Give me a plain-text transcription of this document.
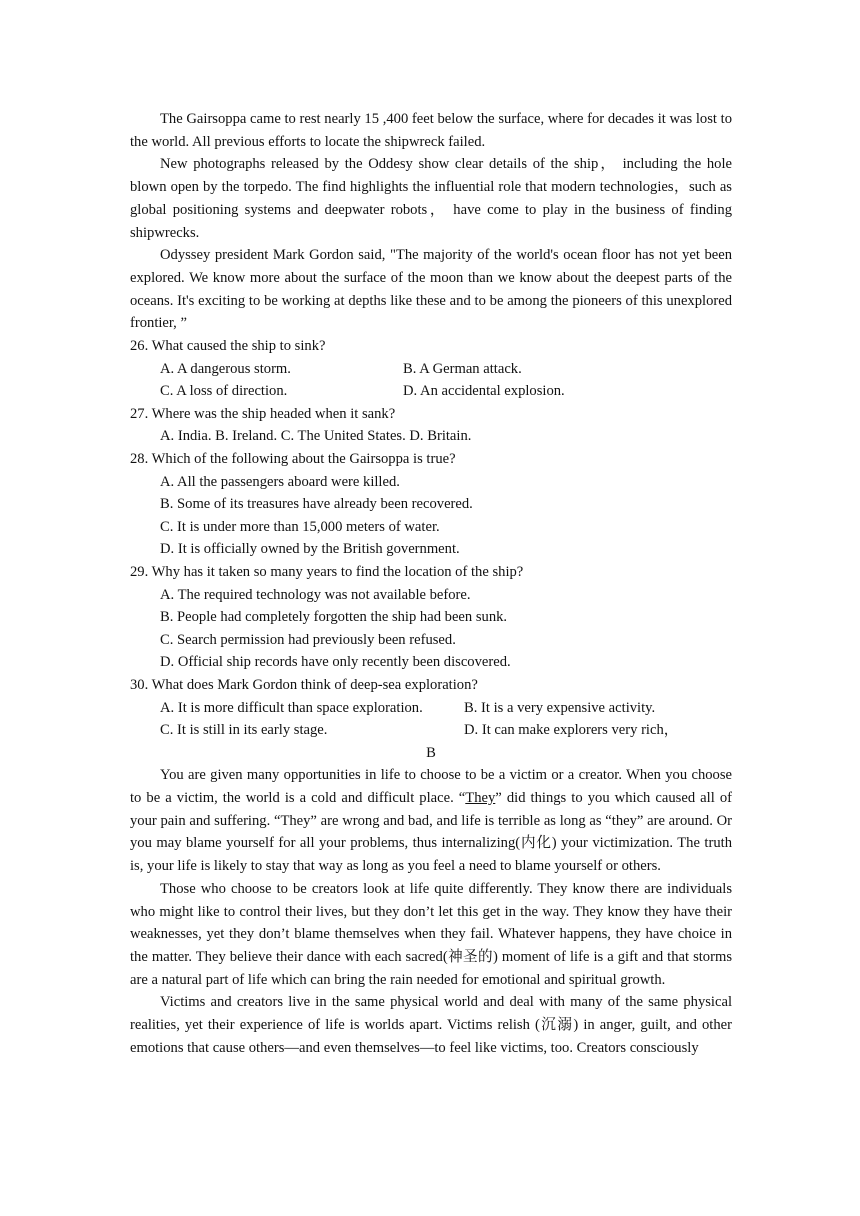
The Gairsoppa came to rest nearly 15 ,400 feet below the surface, where for decades it was lost to the world. All previous efforts to locate the shipwreck failed.

New photographs released by the Oddesy show clear details of the ship， including the hole blown open by the torpedo. The find highlights the influential role that modern technologies，such as global positioning systems and deepwater robots， have come to play in the business of finding shipwrecks.

Odyssey president Mark Gordon said, "The majority of the world's ocean floor has not yet been explored. We know more about the surface of the moon than we know about the deepest parts of the oceans. It's exciting to be working at depths like these and to be among the pioneers of this unexplored frontier, ”

26. What caused the ship to sink?

A. A dangerous storm.	B. A German attack.
C. A loss of direction.	D. An accidental explosion.

27. Where was the ship headed when it sank?

A. India. B. Ireland. C. The United States. D. Britain.

28. Which of the following about the Gairsoppa is true?

A. All the passengers aboard were killed.

B. Some of its treasures have already been recovered.

C. It is under more than 15,000 meters of water.

D. It is officially owned by the British government.

29. Why has it taken so many years to find the location of the ship?

A. The required technology was not available before.

B. People had completely forgotten the ship had been sunk.

C. Search permission had previously been refused.

D. Official ship records have only recently been discovered.

30. What does Mark Gordon think of deep-sea exploration?

A. It is more difficult than space exploration.	B. It is a very expensive activity.
C. It is still in its early stage.	D. It can make explorers very rich，

B

You are given many opportunities in life to choose to be a victim or a creator. When you choose to be a victim, the world is a cold and difficult place. “They” did things to you which caused all of your pain and suffering. “They” are wrong and bad, and life is terrible as long as “they” are around. Or you may blame yourself for all your problems, thus internalizing(内化) your victimization. The truth is, your life is likely to stay that way as long as you feel a need to blame yourself or others.

Those who choose to be creators look at life quite differently. They know there are individuals who might like to control their lives, but they don’t let this get in the way. They know they have their weaknesses, yet they don’t blame themselves when they fail. Whatever happens, they have choice in the matter. They believe their dance with each sacred(神圣的) moment of life is a gift and that storms are a natural part of life which can bring the rain needed for emotional and spiritual growth.

Victims and creators live in the same physical world and deal with many of the same physical realities, yet their experience of life is worlds apart. Victims relish (沉溺) in anger, guilt, and other emotions that cause others—and even themselves—to feel like victims, too. Creators consciously
